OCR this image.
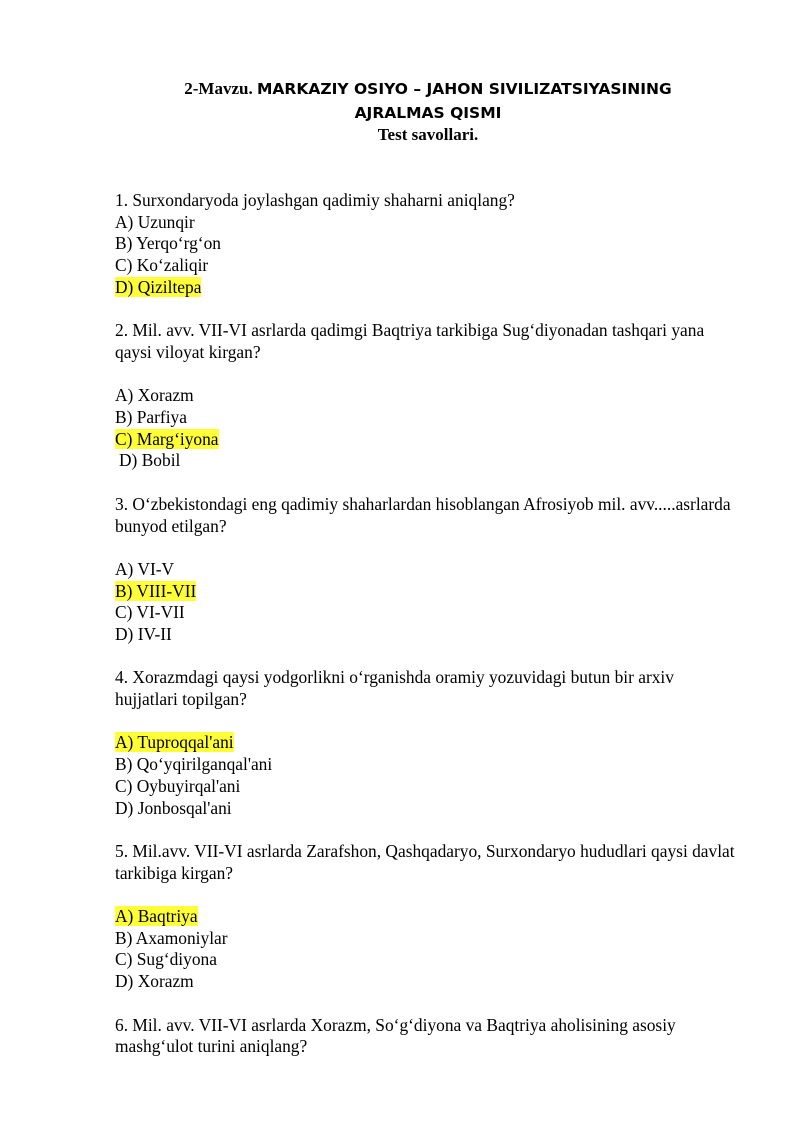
2-Mavzu. MARKAZIY OSIYO – JAHON SIVILIZATSIYASINING
AJRALMAS QISMI
Test savollari.

1. Surxondaryoda joylashgan qadimiy shaharni aniqlang?

A) Uzunqir
B) Yerqo‘rg‘on
C) Ko‘zaliqir
D) Qiziltepa

2. Mil. avv. VII-VI asrlarda qadimgi Baqtriya tarkibiga Sug‘diyonadan tashqari yana qaysi viloyat kirgan?

A) Xorazm
B) Parfiya
C) Marg‘iyona
D) Bobil

3. O‘zbekistondagi eng qadimiy shaharlardan hisoblangan Afrosiyob mil. avv.....asrlarda bunyod etilgan?

A) VI-V
B) VIII-VII
C) VI-VII
D) IV-II

4. Xorazmdagi qaysi yodgorlikni o‘rganishda oramiy yozuvidagi butun bir arxiv hujjatlari topilgan?

A) Tuproqqal'ani
B) Qo‘yqirilganqal'ani
C) Oybuyirqal'ani
D) Jonbosqal'ani

5. Mil.avv. VII-VI asrlarda Zarafshon, Qashqadaryo, Surxondaryo hududlari qaysi davlat tarkibiga kirgan?

A) Baqtriya
B) Axamoniylar
C) Sug‘diyona
D) Xorazm

6. Mil. avv. VII-VI asrlarda Xorazm, So‘g‘diyona va Baqtriya aholisining asosiy mashg‘ulot turini aniqlang?
